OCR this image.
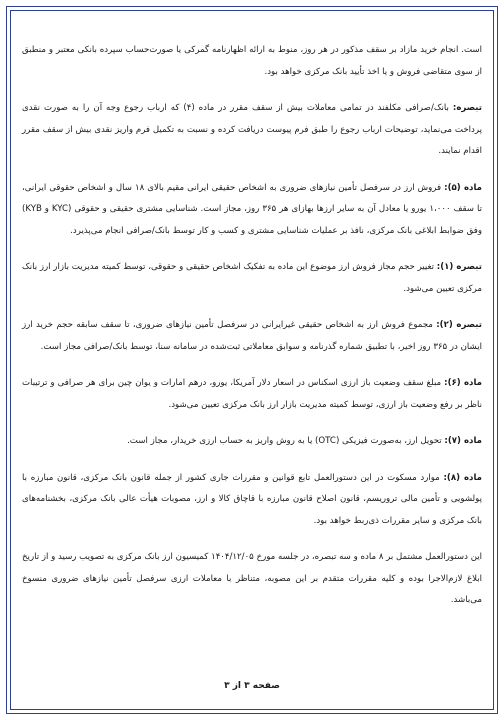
است. انجام خرید مازاد بر سقف مذکور در هر روز، منوط به ارائه اظهارنامه گمرکی یا صورت‌حساب سپرده بانکی معتبر و منطبق از سوی متقاضی فروش و یا اخذ تأیید بانک مرکزی خواهد بود.

تبصره: بانک/صرافی مکلفند در تمامی معاملات بیش از سقف مقرر در ماده (۴) که ارباب رجوع وجه آن را به صورت نقدی پرداخت می‌نماید، توضیحات ارباب رجوع را طبق فرم پیوست دریافت کرده و نسبت به تکمیل فرم واریز نقدی بیش از سقف مقرر اقدام نمایند.

ماده (۵): فروش ارز در سرفصل تأمین نیازهای ضروری به اشخاص حقیقی ایرانی مقیم بالای ۱۸ سال و اشخاص حقوقی ایرانی، تا سقف ۱،۰۰۰ یورو یا معادل آن به سایر ارزها بهازای هر ۳۶۵ روز، مجاز است. شناسایی مشتری حقیقی و حقوقی (KYC و KYB) وفق ضوابط ابلاغی بانک مرکزی، نافذ بر عملیات شناسایی مشتری و کسب و کار توسط بانک/صرافی انجام می‌پذیرد.

تبصره (۱): تغییر حجم مجاز فروش ارز موضوع این ماده به تفکیک اشخاص حقیقی و حقوقی، توسط کمیته مدیریت بازار ارز بانک مرکزی تعیین می‌شود.

تبصره (۲): مجموع فروش ارز به اشخاص حقیقی غیرایرانی در سرفصل تأمین نیازهای ضروری، تا سقف سابقه حجم خرید ارز ایشان در ۳۶۵ روز اخیر، با تطبیق شماره گذرنامه و سوابق معاملاتی ثبت‌شده در سامانه سنا، توسط بانک/صرافی مجاز است.

ماده (۶): مبلغ سقف وضعیت باز ارزی اسکناس در اسعار دلار آمریکا، یورو، درهم امارات و یوان چین برای هر صرافی و ترتیبات ناظر بر رفع وضعیت باز ارزی، توسط کمیته مدیریت بازار ارز بانک مرکزی تعیین می‌شود.

ماده (۷): تحویل ارز، به‌صورت فیزیکی (OTC) یا به روش واریز به حساب ارزی خریدار، مجاز است.

ماده (۸): موارد مسکوت در این دستورالعمل تابع قوانین و مقررات جاری کشور از جمله قانون بانک مرکزی، قانون مبارزه با پولشویی و تأمین مالی تروریسم، قانون اصلاح قانون مبارزه با قاچاق کالا و ارز، مصوبات هیأت عالی بانک مرکزی، بخشنامه‌های بانک مرکزی و سایر مقررات ذی‌ربط خواهد بود.

این دستورالعمل مشتمل بر ۸ ماده و سه تبصره، در جلسه مورخ ۱۴۰۴/۱۲/۰۵ کمیسیون ارز بانک مرکزی به تصویب رسید و از تاریخ ابلاغ لازم‌الاجرا بوده و کلیه مقررات متقدم بر این مصوبه، متناظر با معاملات ارزی سرفصل تأمین نیازهای ضروری منسوخ می‌باشد.

صفحه ۳ از ۳
